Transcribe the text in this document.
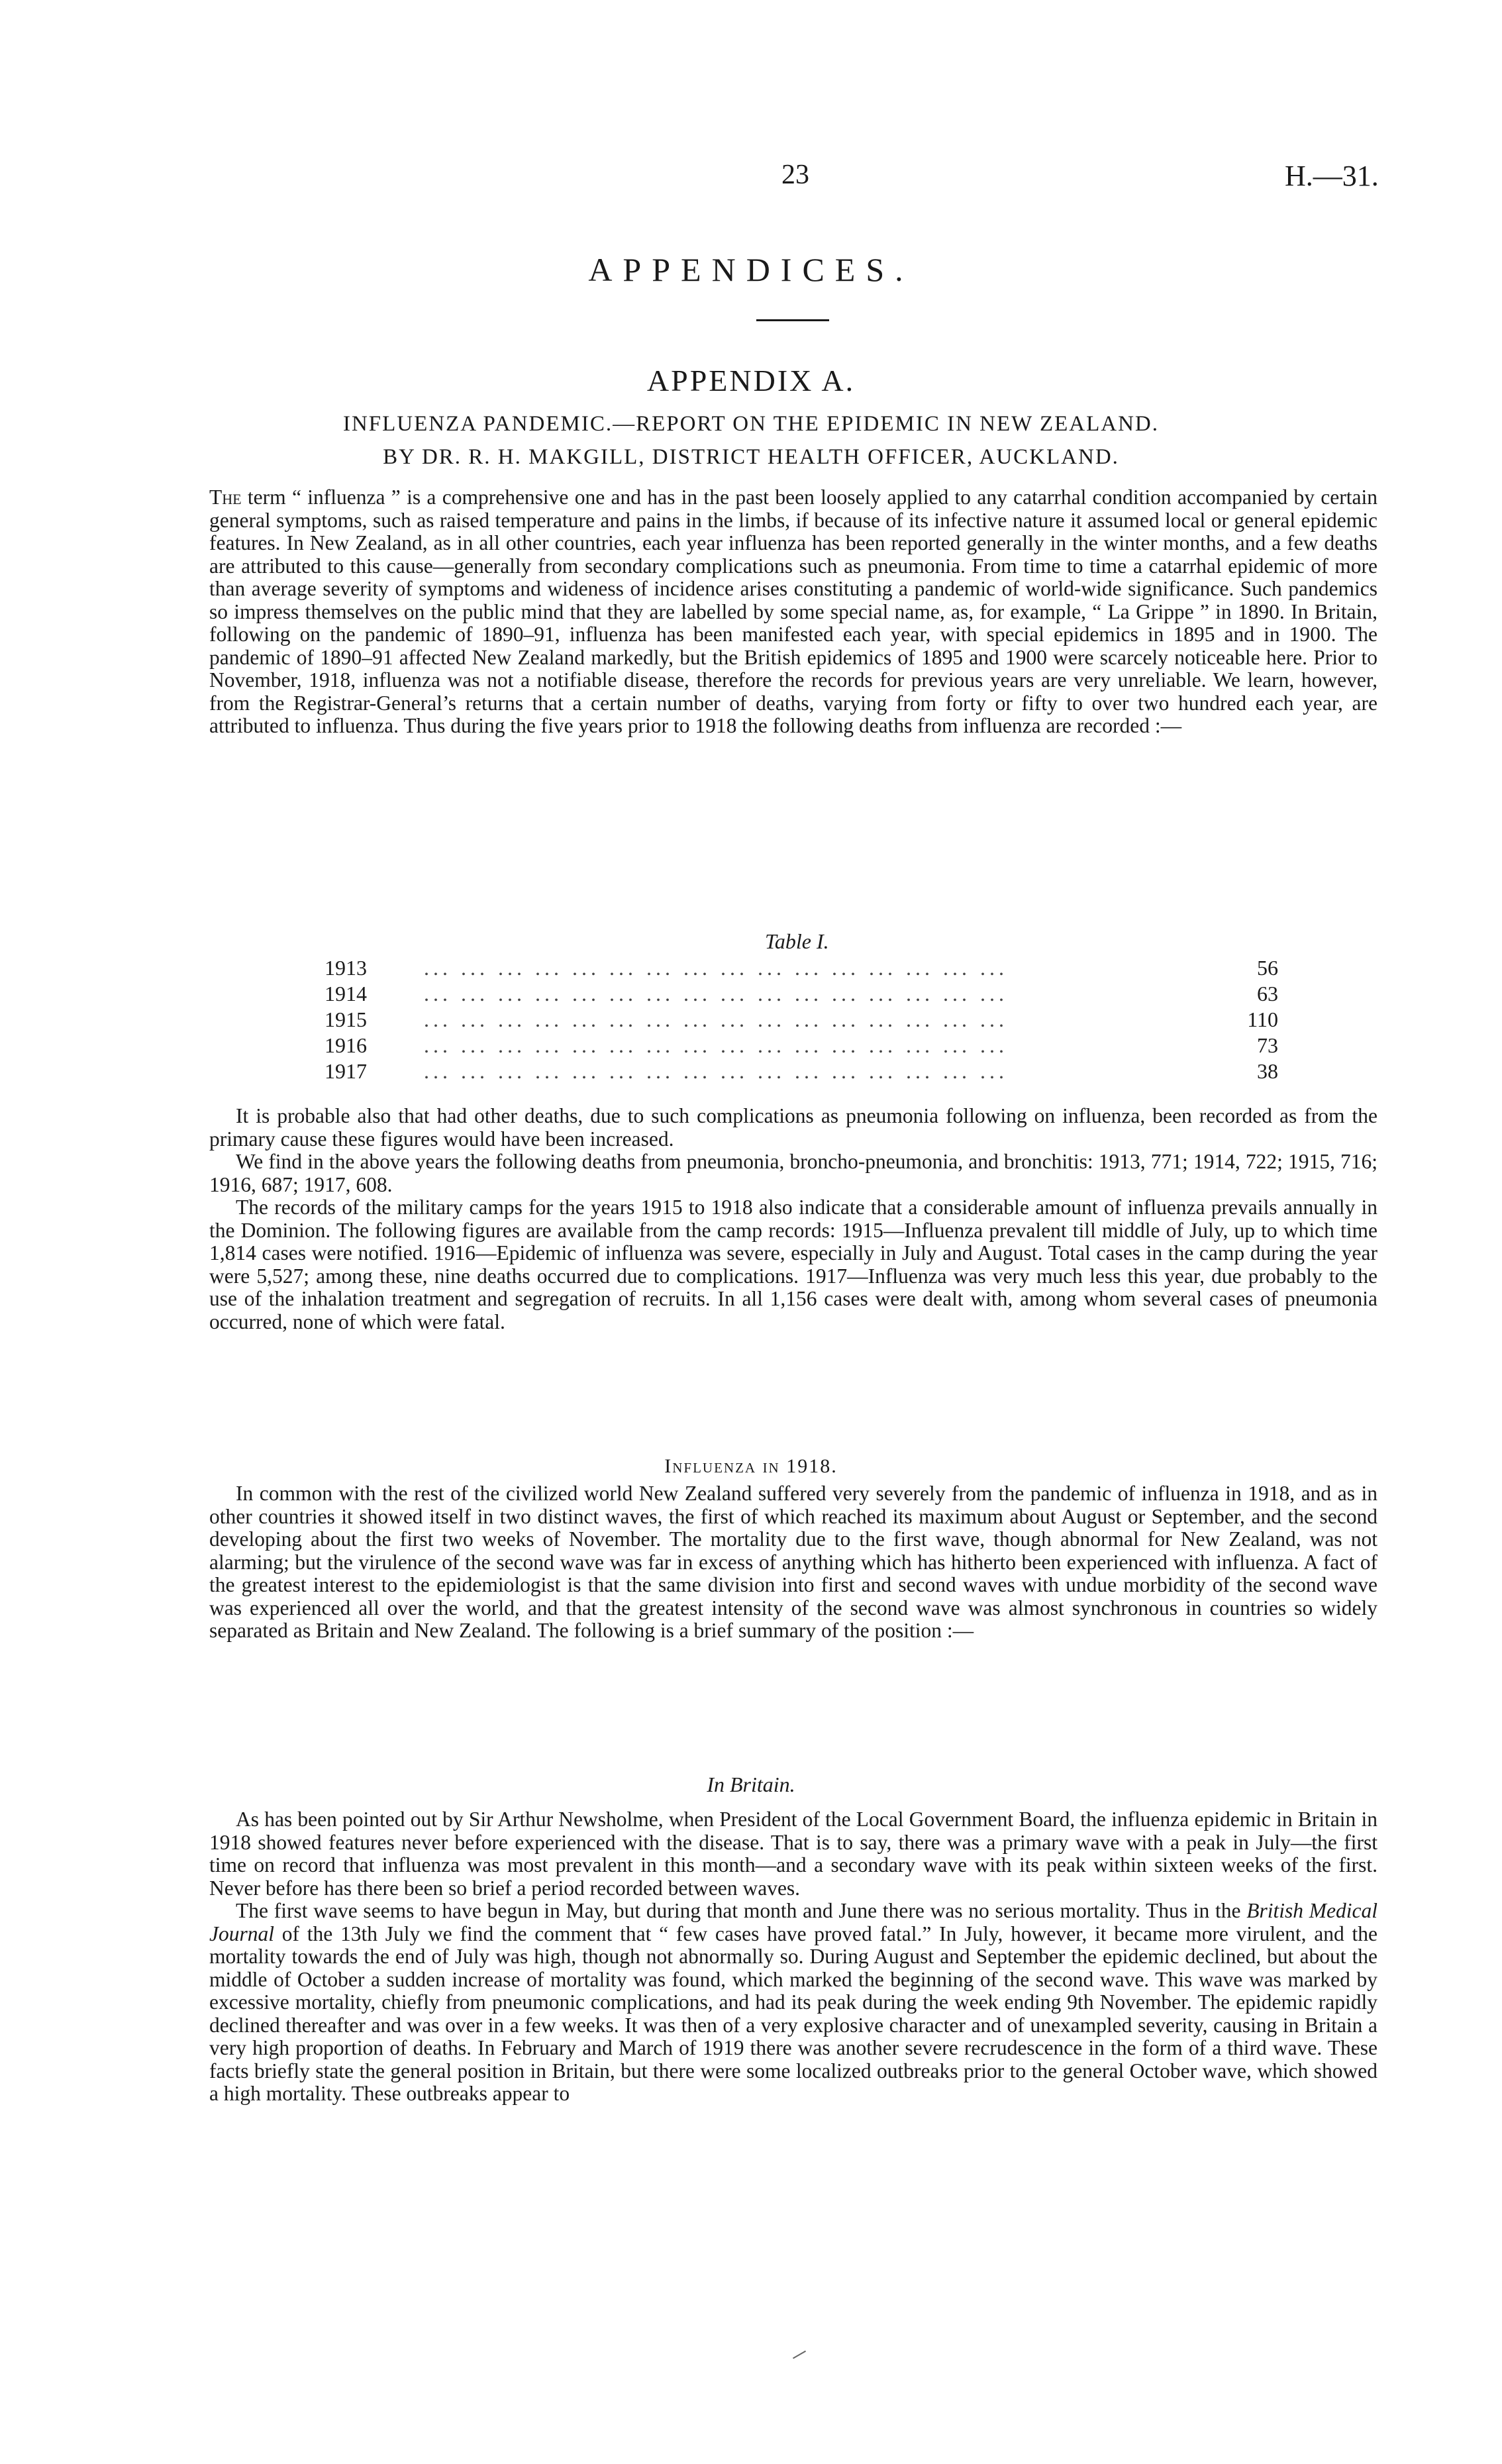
23	H.—31.
APPENDICES.
APPENDIX A.
INFLUENZA PANDEMIC.—REPORT ON THE EPIDEMIC IN NEW ZEALAND.
BY DR. R. H. MAKGILL, DISTRICT HEALTH OFFICER, AUCKLAND.

The term “ influenza ” is a comprehensive one and has in the past been loosely applied to any catarrhal condition accompanied by certain general symptoms, such as raised temperature and pains in the limbs, if because of its infective nature it assumed local or general epidemic features. In New Zealand, as in all other countries, each year influenza has been reported generally in the winter months, and a few deaths are attributed to this cause—generally from secondary complications such as pneumonia. From time to time a catarrhal epidemic of more than average severity of symptoms and wideness of incidence arises constituting a pandemic of world-wide significance. Such pandemics so impress themselves on the public mind that they are labelled by some special name, as, for example, “ La Grippe ” in 1890. In Britain, following on the pandemic of 1890–91, influenza has been manifested each year, with special epidemics in 1895 and in 1900. The pandemic of 1890–91 affected New Zealand markedly, but the British epidemics of 1895 and 1900 were scarcely noticeable here. Prior to November, 1918, influenza was not a notifiable disease, therefore the records for previous years are very unreliable. We learn, however, from the Registrar-General’s returns that a certain number of deaths, varying from forty or fifty to over two hundred each year, are attributed to influenza. Thus during the five years prior to 1918 the following deaths from influenza are recorded :—

Table I.
1913	... ... ... ... ... ... ... ... ... ... ... ... ... ... ... ...	56
1914	... ... ... ... ... ... ... ... ... ... ... ... ... ... ... ...	63
1915	... ... ... ... ... ... ... ... ... ... ... ... ... ... ... ...	110
1916	... ... ... ... ... ... ... ... ... ... ... ... ... ... ... ...	73
1917	... ... ... ... ... ... ... ... ... ... ... ... ... ... ... ...	38

It is probable also that had other deaths, due to such complications as pneumonia following on influenza, been recorded as from the primary cause these figures would have been increased.

We find in the above years the following deaths from pneumonia, broncho-pneumonia, and bronchitis: 1913, 771; 1914, 722; 1915, 716; 1916, 687; 1917, 608.

The records of the military camps for the years 1915 to 1918 also indicate that a considerable amount of influenza prevails annually in the Dominion. The following figures are available from the camp records: 1915—Influenza prevalent till middle of July, up to which time 1,814 cases were notified. 1916—Epidemic of influenza was severe, especially in July and August. Total cases in the camp during the year were 5,527; among these, nine deaths occurred due to complications. 1917—Influenza was very much less this year, due probably to the use of the inhalation treatment and segregation of recruits. In all 1,156 cases were dealt with, among whom several cases of pneumonia occurred, none of which were fatal.

Influenza in 1918.

In common with the rest of the civilized world New Zealand suffered very severely from the pandemic of influenza in 1918, and as in other countries it showed itself in two distinct waves, the first of which reached its maximum about August or September, and the second developing about the first two weeks of November. The mortality due to the first wave, though abnormal for New Zealand, was not alarming; but the virulence of the second wave was far in excess of anything which has hitherto been experienced with influenza. A fact of the greatest interest to the epidemiologist is that the same division into first and second waves with undue morbidity of the second wave was experienced all over the world, and that the greatest intensity of the second wave was almost synchronous in countries so widely separated as Britain and New Zealand. The following is a brief summary of the position :—

In Britain.

As has been pointed out by Sir Arthur Newsholme, when President of the Local Government Board, the influenza epidemic in Britain in 1918 showed features never before experienced with the disease. That is to say, there was a primary wave with a peak in July—the first time on record that influenza was most prevalent in this month—and a secondary wave with its peak within sixteen weeks of the first. Never before has there been so brief a period recorded between waves.

The first wave seems to have begun in May, but during that month and June there was no serious mortality. Thus in the British Medical Journal of the 13th July we find the comment that “ few cases have proved fatal.” In July, however, it became more virulent, and the mortality towards the end of July was high, though not abnormally so. During August and September the epidemic declined, but about the middle of October a sudden increase of mortality was found, which marked the beginning of the second wave. This wave was marked by excessive mortality, chiefly from pneumonic complications, and had its peak during the week ending 9th November. The epidemic rapidly declined thereafter and was over in a few weeks. It was then of a very explosive character and of unexampled severity, causing in Britain a very high proportion of deaths. In February and March of 1919 there was another severe recrudescence in the form of a third wave. These facts briefly state the general position in Britain, but there were some localized outbreaks prior to the general October wave, which showed a high mortality. These outbreaks appear to
